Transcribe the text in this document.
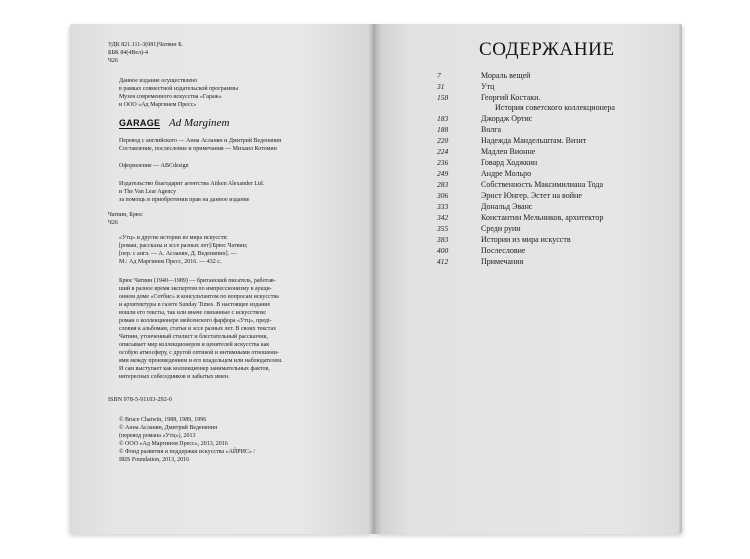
УДК 821.111-3(081)Чатвин Б.
ББК 84(4Вел)-4
Ч26
Данное издание осуществлено
в рамках совместной издательской программы
Музея современного искусства «Гараж»
и ООО «Ад Маргинем Пресс»
GARAGE Ad Marginem
Перевод с английского — Анна Асланян и Дмитрий Веденяпин
Составление, послесловие и примечания — Михаил Котомин
Оформление — ABCdesign
Издательство благодарит агентства Aitken Alexander Ltd.
и The Van Lear Agency
за помощь в приобретении прав на данное издание
Чатвин, Брюс
Ч26
«Утц» и другие истории из мира искусств:
[роман, рассказы и эссе разных лет]/Брюс Чатвин;
[пер. с англ. — А. Асланян, Д. Веденяпин]. —
М.: Ад Маргинем Пресс, 2016. — 432 с.
Брюс Чатвин (1940—1989) — британский писатель, работав-
ший в разное время экспертом по импрессионизму в аукци-
онном доме «Сотбис» и консультантом по вопросам искусства
и архитектуры в газете Sunday Times. В настоящее издание
вошли его тексты, так или иначе связанные с искусством:
роман о коллекционере мейсенского фарфора «Утц», предi-
словия к альбомам, статьи и эссе разных лет. В своих текстах
Чатвин, утонченный стилист и блестательный рассказчик,
описывает мир коллекционеров и ценителей искусства как
особую атмосферу, с другой оптикой и интимными отношени-
ями между произведением и его владельцем или наблюдателем.
И сам выступает как коллекционер занимательных фактов,
интересных собеседников и забытых имен.
ISBN 978-5-91103-292-0
© Bruce Chatwin, 1988, 1989, 1996
© Анна Асланян, Дмитрий Веденяпин
(перевод романа «Утц»), 2013
© ООО «Ад Маргинем Пресс», 2013, 2016
© Фонд развития и поддержки искусства «АЙРИС» /
IRIS Foundation, 2013, 2016
СОДЕРЖАНИЕ
7	Мораль вещей
31	Утц
158	Георгий Костаки.
История советского коллекционера
183	Джордж Ортис
188	Волга
220	Надежда Мандельштам. Визит
224	Мадлен Вионне
236	Говард Ходжкин
249	Андре Мольро
283	Собственность Максимилиана Тода
306	Эрнст Юнгер. Эстет на войне
333	Дональд Эванс
342	Константин Мельников, архитектор
355	Среди руин
383	Истории из мира искусств
400	Послесловие
412	Примечания
